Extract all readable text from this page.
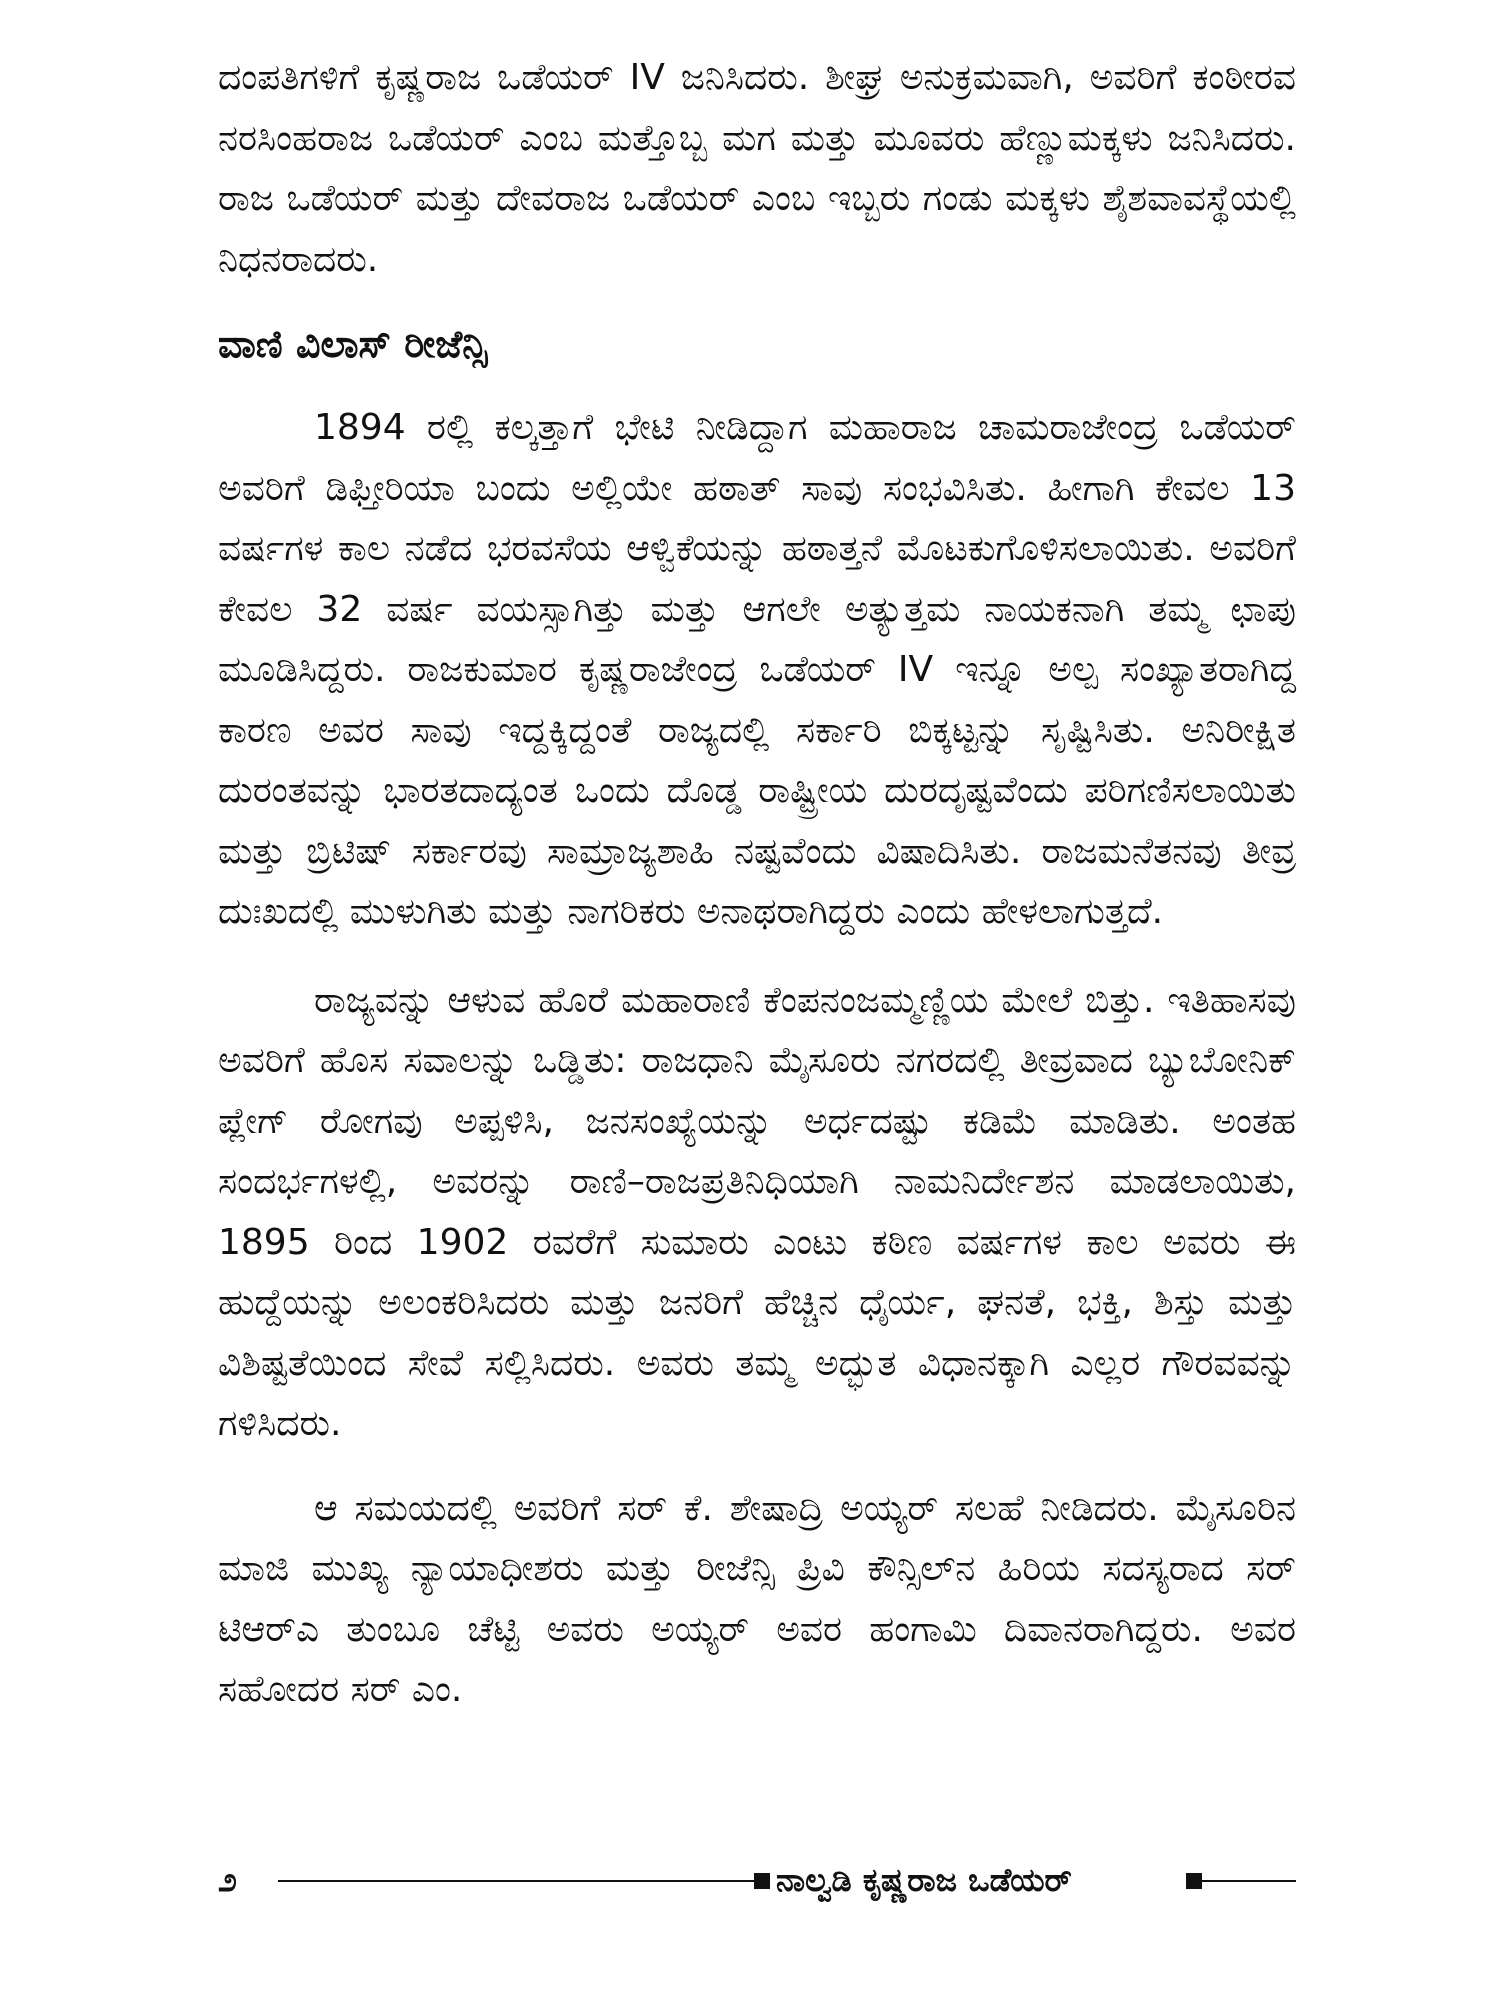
ದಂಪತಿಗಳಿಗೆ ಕೃಷ್ಣರಾಜ ಒಡೆಯರ್ IV ಜನಿಸಿದರು. ಶೀಘ್ರ ಅನುಕ್ರಮವಾಗಿ, ಅವರಿಗೆ ಕಂಠೀರವ ನರಸಿಂಹರಾಜ ಒಡೆಯರ್ ಎಂಬ ಮತ್ತೊಬ್ಬ ಮಗ ಮತ್ತು ಮೂವರು ಹೆಣ್ಣುಮಕ್ಕಳು ಜನಿಸಿದರು. ರಾಜ ಒಡೆಯರ್ ಮತ್ತು ದೇವರಾಜ ಒಡೆಯರ್ ಎಂಬ ಇಬ್ಬರು ಗಂಡು ಮಕ್ಕಳು ಶೈಶವಾವಸ್ಥೆಯಲ್ಲಿ ನಿಧನರಾದರು.

ವಾಣಿ ವಿಲಾಸ್ ರೀಜೆನ್ಸಿ

1894 ರಲ್ಲಿ ಕಲ್ಕತ್ತಾಗೆ ಭೇಟಿ ನೀಡಿದ್ದಾಗ ಮಹಾರಾಜ ಚಾಮರಾಜೇಂದ್ರ ಒಡೆಯರ್ ಅವರಿಗೆ ಡಿಫ್ತೀರಿಯಾ ಬಂದು ಅಲ್ಲಿಯೇ ಹಠಾತ್ ಸಾವು ಸಂಭವಿಸಿತು. ಹೀಗಾಗಿ ಕೇವಲ 13 ವರ್ಷಗಳ ಕಾಲ ನಡೆದ ಭರವಸೆಯ ಆಳ್ವಿಕೆಯನ್ನು ಹಠಾತ್ತನೆ ಮೊಟಕುಗೊಳಿಸಲಾಯಿತು. ಅವರಿಗೆ ಕೇವಲ 32 ವರ್ಷ ವಯಸ್ಸಾಗಿತ್ತು ಮತ್ತು ಆಗಲೇ ಅತ್ಯುತ್ತಮ ನಾಯಕನಾಗಿ ತಮ್ಮ ಛಾಪು ಮೂಡಿಸಿದ್ದರು. ರಾಜಕುಮಾರ ಕೃಷ್ಣರಾಜೇಂದ್ರ ಒಡೆಯರ್ IV ಇನ್ನೂ ಅಲ್ಪ ಸಂಖ್ಯಾತರಾಗಿದ್ದ ಕಾರಣ ಅವರ ಸಾವು ಇದ್ದಕ್ಕಿದ್ದಂತೆ ರಾಜ್ಯದಲ್ಲಿ ಸರ್ಕಾರಿ ಬಿಕ್ಕಟ್ಟನ್ನು ಸೃಷ್ಟಿಸಿತು. ಅನಿರೀಕ್ಷಿತ ದುರಂತವನ್ನು ಭಾರತದಾದ್ಯಂತ ಒಂದು ದೊಡ್ಡ ರಾಷ್ಟ್ರೀಯ ದುರದೃಷ್ಟವೆಂದು ಪರಿಗಣಿಸಲಾಯಿತು ಮತ್ತು ಬ್ರಿಟಿಷ್ ಸರ್ಕಾರವು ಸಾಮ್ರಾಜ್ಯಶಾಹಿ ನಷ್ಟವೆಂದು ವಿಷಾದಿಸಿತು. ರಾಜಮನೆತನವು ತೀವ್ರ ದುಃಖದಲ್ಲಿ ಮುಳುಗಿತು ಮತ್ತು ನಾಗರಿಕರು ಅನಾಥರಾಗಿದ್ದರು ಎಂದು ಹೇಳಲಾಗುತ್ತದೆ.

ರಾಜ್ಯವನ್ನು ಆಳುವ ಹೊರೆ ಮಹಾರಾಣಿ ಕೆಂಪನಂಜಮ್ಮಣ್ಣಿಯ ಮೇಲೆ ಬಿತ್ತು. ಇತಿಹಾಸವು ಅವರಿಗೆ ಹೊಸ ಸವಾಲನ್ನು ಒಡ್ಡಿತು: ರಾಜಧಾನಿ ಮೈಸೂರು ನಗರದಲ್ಲಿ ತೀವ್ರವಾದ ಬ್ಯುಬೋನಿಕ್ ಪ್ಲೇಗ್ ರೋಗವು ಅಪ್ಪಳಿಸಿ, ಜನಸಂಖ್ಯೆಯನ್ನು ಅರ್ಧದಷ್ಟು ಕಡಿಮೆ ಮಾಡಿತು. ಅಂತಹ ಸಂದರ್ಭಗಳಲ್ಲಿ, ಅವರನ್ನು ರಾಣಿ–ರಾಜಪ್ರತಿನಿಧಿಯಾಗಿ ನಾಮನಿರ್ದೇಶನ ಮಾಡಲಾಯಿತು, 1895 ರಿಂದ 1902 ರವರೆಗೆ ಸುಮಾರು ಎಂಟು ಕಠಿಣ ವರ್ಷಗಳ ಕಾಲ ಅವರು ಈ ಹುದ್ದೆಯನ್ನು ಅಲಂಕರಿಸಿದರು ಮತ್ತು ಜನರಿಗೆ ಹೆಚ್ಚಿನ ಧೈರ್ಯ, ಘನತೆ, ಭಕ್ತಿ, ಶಿಸ್ತು ಮತ್ತು ವಿಶಿಷ್ಟತೆಯಿಂದ ಸೇವೆ ಸಲ್ಲಿಸಿದರು. ಅವರು ತಮ್ಮ ಅದ್ಭುತ ವಿಧಾನಕ್ಕಾಗಿ ಎಲ್ಲರ ಗೌರವವನ್ನು ಗಳಿಸಿದರು.

ಆ ಸಮಯದಲ್ಲಿ ಅವರಿಗೆ ಸರ್ ಕೆ. ಶೇಷಾದ್ರಿ ಅಯ್ಯರ್ ಸಲಹೆ ನೀಡಿದರು. ಮೈಸೂರಿನ ಮಾಜಿ ಮುಖ್ಯ ನ್ಯಾಯಾಧೀಶರು ಮತ್ತು ರೀಜೆನ್ಸಿ ಪ್ರಿವಿ ಕೌನ್ಸಿಲ್‌ನ ಹಿರಿಯ ಸದಸ್ಯರಾದ ಸರ್ ಟಿಆರ್‌ಎ ತುಂಬೂ ಚೆಟ್ಟಿ ಅವರು ಅಯ್ಯರ್ ಅವರ ಹಂಗಾಮಿ ದಿವಾನರಾಗಿದ್ದರು. ಅವರ ಸಹೋದರ ಸರ್ ಎಂ.

೨	ನಾಲ್ವಡಿ ಕೃಷ್ಣರಾಜ ಒಡೆಯರ್
